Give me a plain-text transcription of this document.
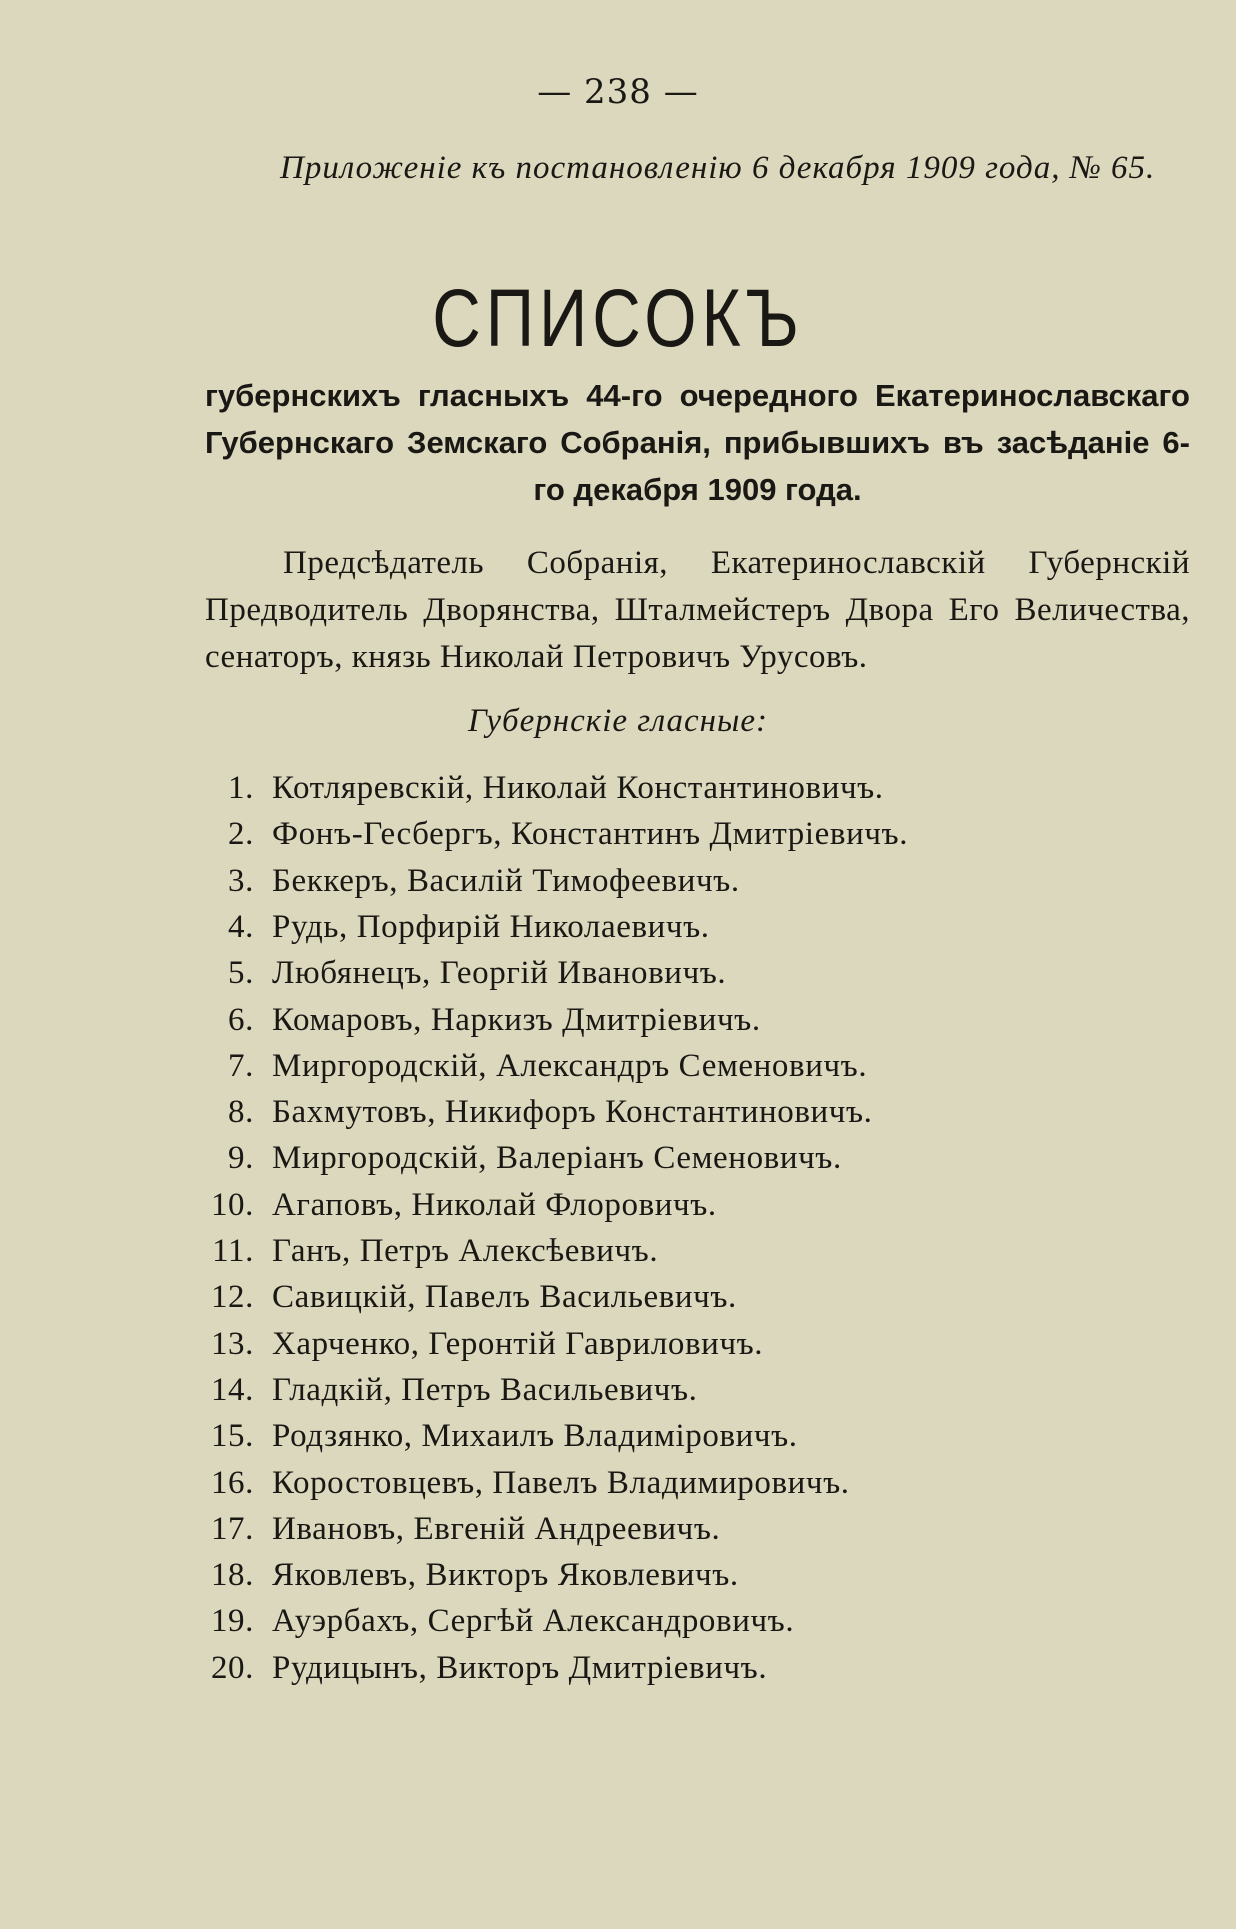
— 238 —
Приложеніе къ постановленію 6 декабря 1909 года, № 65.
СПИСОКЪ
губернскихъ гласныхъ 44-го очередного Екатеринославскаго Губернскаго Земскаго Собранія, прибывшихъ въ засѣданіе 6-го декабря 1909 года.
Предсѣдатель Собранія, Екатеринославскій Губернскій Предводитель Дворянства, Шталмейстеръ Двора Его Величества, сенаторъ, князь Николай Петровичъ Урусовъ.
Губернскіе гласные:
1. Котляревскій, Николай Константиновичъ.
2. Фонъ-Гесбергъ, Константинъ Дмитріевичъ.
3. Беккеръ, Василій Тимофеевичъ.
4. Рудь, Порфирій Николаевичъ.
5. Любянецъ, Георгій Ивановичъ.
6. Комаровъ, Наркизъ Дмитріевичъ.
7. Миргородскій, Александръ Семеновичъ.
8. Бахмутовъ, Никифоръ Константиновичъ.
9. Миргородскій, Валеріанъ Семеновичъ.
10. Агаповъ, Николай Флоровичъ.
11. Ганъ, Петръ Алексѣевичъ.
12. Савицкій, Павелъ Васильевичъ.
13. Харченко, Геронтій Гавриловичъ.
14. Гладкій, Петръ Васильевичъ.
15. Родзянко, Михаилъ Владиміровичъ.
16. Коростовцевъ, Павелъ Владимировичъ.
17. Ивановъ, Евгеній Андреевичъ.
18. Яковлевъ, Викторъ Яковлевичъ.
19. Ауэрбахъ, Сергѣй Александровичъ.
20. Рудицынъ, Викторъ Дмитріевичъ.
